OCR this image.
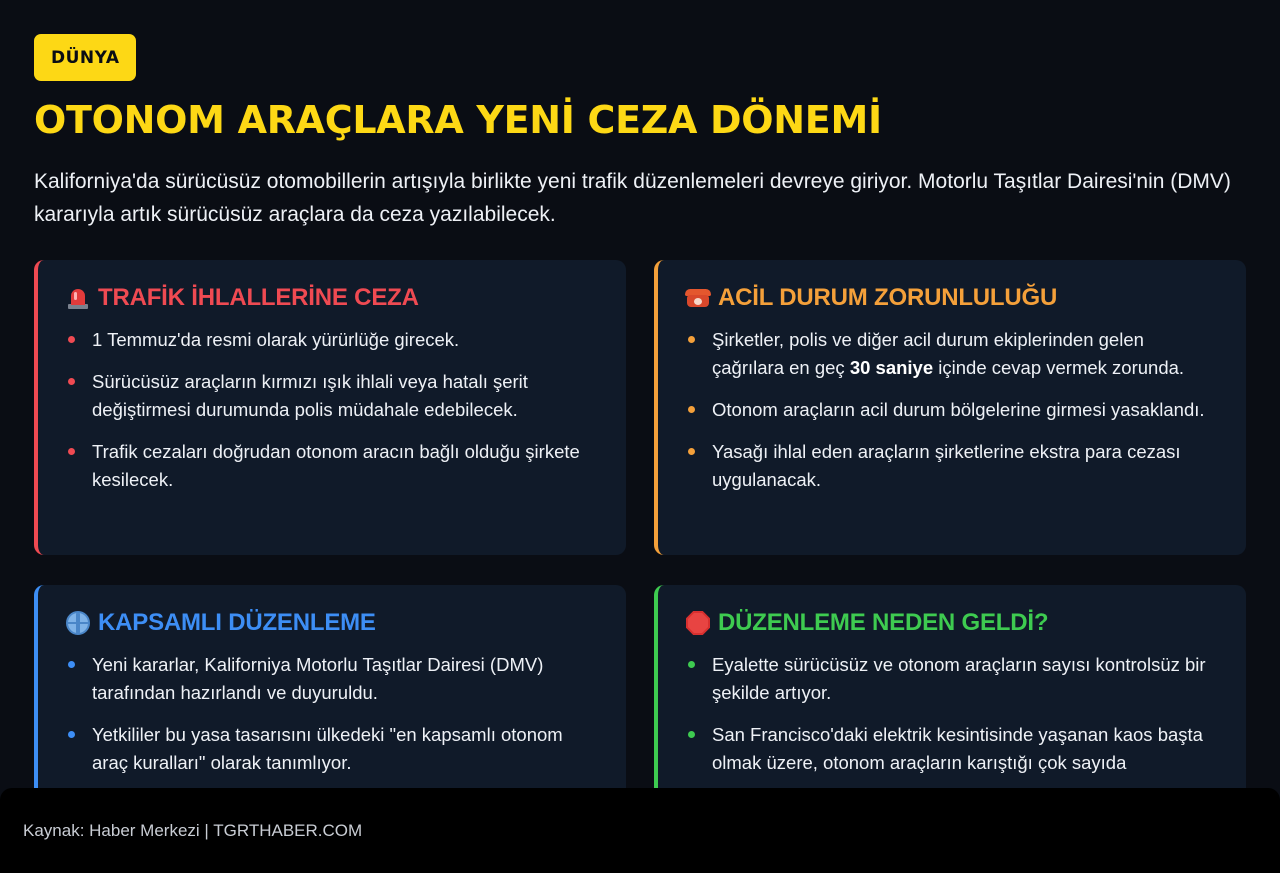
DÜNYA
OTONOM ARAÇLARA YENİ CEZA DÖNEMİ

Kaliforniya'da sürücüsüz otomobillerin artışıyla birlikte yeni trafik düzenlemeleri devreye giriyor. Motorlu Taşıtlar Dairesi'nin (DMV) kararıyla artık sürücüsüz araçlara da ceza yazılabilecek.

TRAFİK İHLALLERİNE CEZA
1 Temmuz'da resmi olarak yürürlüğe girecek.
Sürücüsüz araçların kırmızı ışık ihlali veya hatalı şerit değiştirmesi durumunda polis müdahale edebilecek.
Trafik cezaları doğrudan otonom aracın bağlı olduğu şirkete kesilecek.
ACİL DURUM ZORUNLULUĞU
Şirketler, polis ve diğer acil durum ekiplerinden gelen çağrılara en geç 30 saniye içinde cevap vermek zorunda.
Otonom araçların acil durum bölgelerine girmesi yasaklandı.
Yasağı ihlal eden araçların şirketlerine ekstra para cezası uygulanacak.
KAPSAMLI DÜZENLEME
Yeni kararlar, Kaliforniya Motorlu Taşıtlar Dairesi (DMV) tarafından hazırlandı ve duyuruldu.
Yetkililer bu yasa tasarısını ülkedeki "en kapsamlı otonom araç kuralları" olarak tanımlıyor.
DÜZENLEME NEDEN GELDİ?
Eyalette sürücüsüz ve otonom araçların sayısı kontrolsüz bir şekilde artıyor.
San Francisco'daki elektrik kesintisinde yaşanan kaos başta olmak üzere, otonom araçların karıştığı çok sayıda
Kaynak: Haber Merkezi | TGRTHABER.COM
